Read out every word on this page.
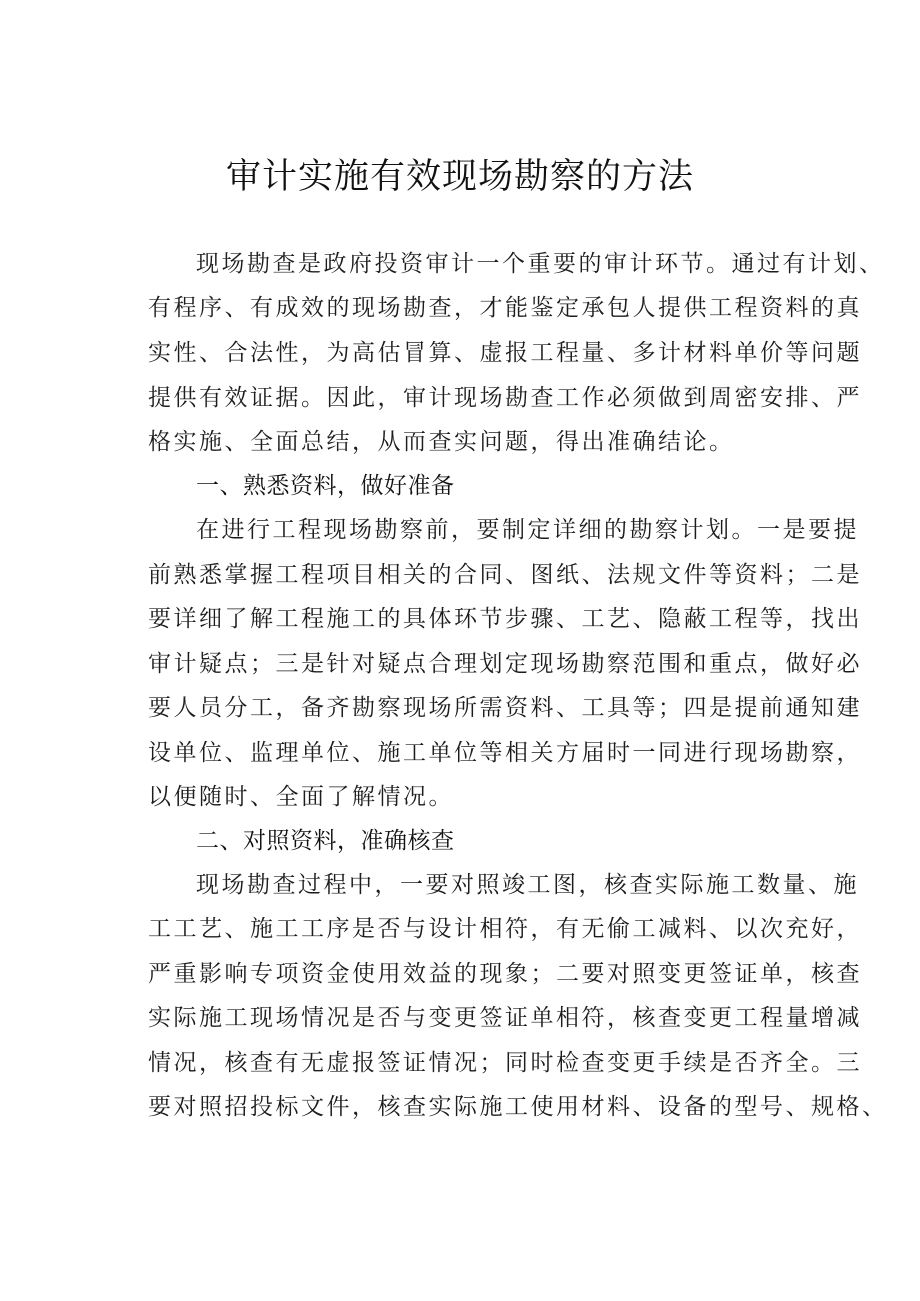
审计实施有效现场勘察的方法
现场勘查是政府投资审计一个重要的审计环节。通过有计划、
有程序、有成效的现场勘查，才能鉴定承包人提供工程资料的真
实性、合法性，为高估冒算、虚报工程量、多计材料单价等问题
提供有效证据。因此，审计现场勘查工作必须做到周密安排、严
格实施、全面总结，从而查实问题，得出准确结论。
一、熟悉资料，做好准备
在进行工程现场勘察前，要制定详细的勘察计划。一是要提
前熟悉掌握工程项目相关的合同、图纸、法规文件等资料；二是
要详细了解工程施工的具体环节步骤、工艺、隐蔽工程等，找出
审计疑点；三是针对疑点合理划定现场勘察范围和重点，做好必
要人员分工，备齐勘察现场所需资料、工具等；四是提前通知建
设单位、监理单位、施工单位等相关方届时一同进行现场勘察，
以便随时、全面了解情况。
二、对照资料，准确核查
现场勘查过程中，一要对照竣工图，核查实际施工数量、施
工工艺、施工工序是否与设计相符，有无偷工减料、以次充好，
严重影响专项资金使用效益的现象；二要对照变更签证单，核查
实际施工现场情况是否与变更签证单相符，核查变更工程量增减
情况，核查有无虚报签证情况；同时检查变更手续是否齐全。三
要对照招投标文件，核查实际施工使用材料、设备的型号、规格、
